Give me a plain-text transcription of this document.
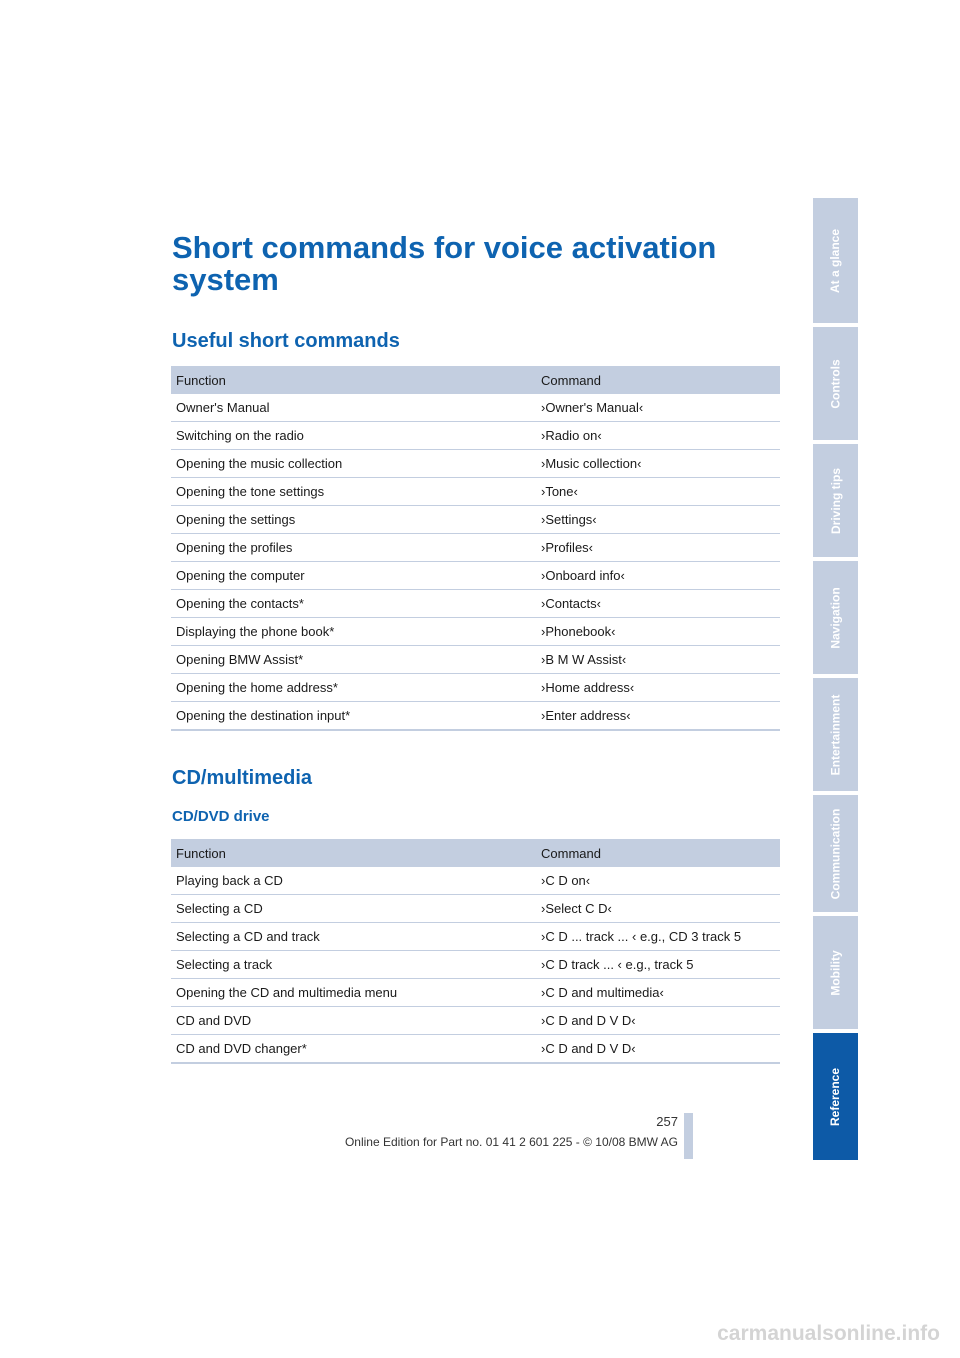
Short commands for voice activation system
Useful short commands
Function	Command
Owner's Manual	›Owner's Manual‹
Switching on the radio	›Radio on‹
Opening the music collection	›Music collection‹
Opening the tone settings	›Tone‹
Opening the settings	›Settings‹
Opening the profiles	›Profiles‹
Opening the computer	›Onboard info‹
Opening the contacts*	›Contacts‹
Displaying the phone book*	›Phonebook‹
Opening BMW Assist*	›B M W Assist‹
Opening the home address*	›Home address‹
Opening the destination input*	›Enter address‹
CD/multimedia
CD/DVD drive
Function	Command
Playing back a CD	›C D on‹
Selecting a CD	›Select C D‹
Selecting a CD and track	›C D ... track ... ‹ e.g., CD 3 track 5
Selecting a track	›C D track ... ‹ e.g., track 5
Opening the CD and multimedia menu	›C D and multimedia‹
CD and DVD	›C D and D V D‹
CD and DVD changer*	›C D and D V D‹
At a glance
Controls
Driving tips
Navigation
Entertainment
Communication
Mobility
Reference
257
Online Edition for Part no. 01 41 2 601 225 - © 10/08 BMW AG
carmanualsonline.info
